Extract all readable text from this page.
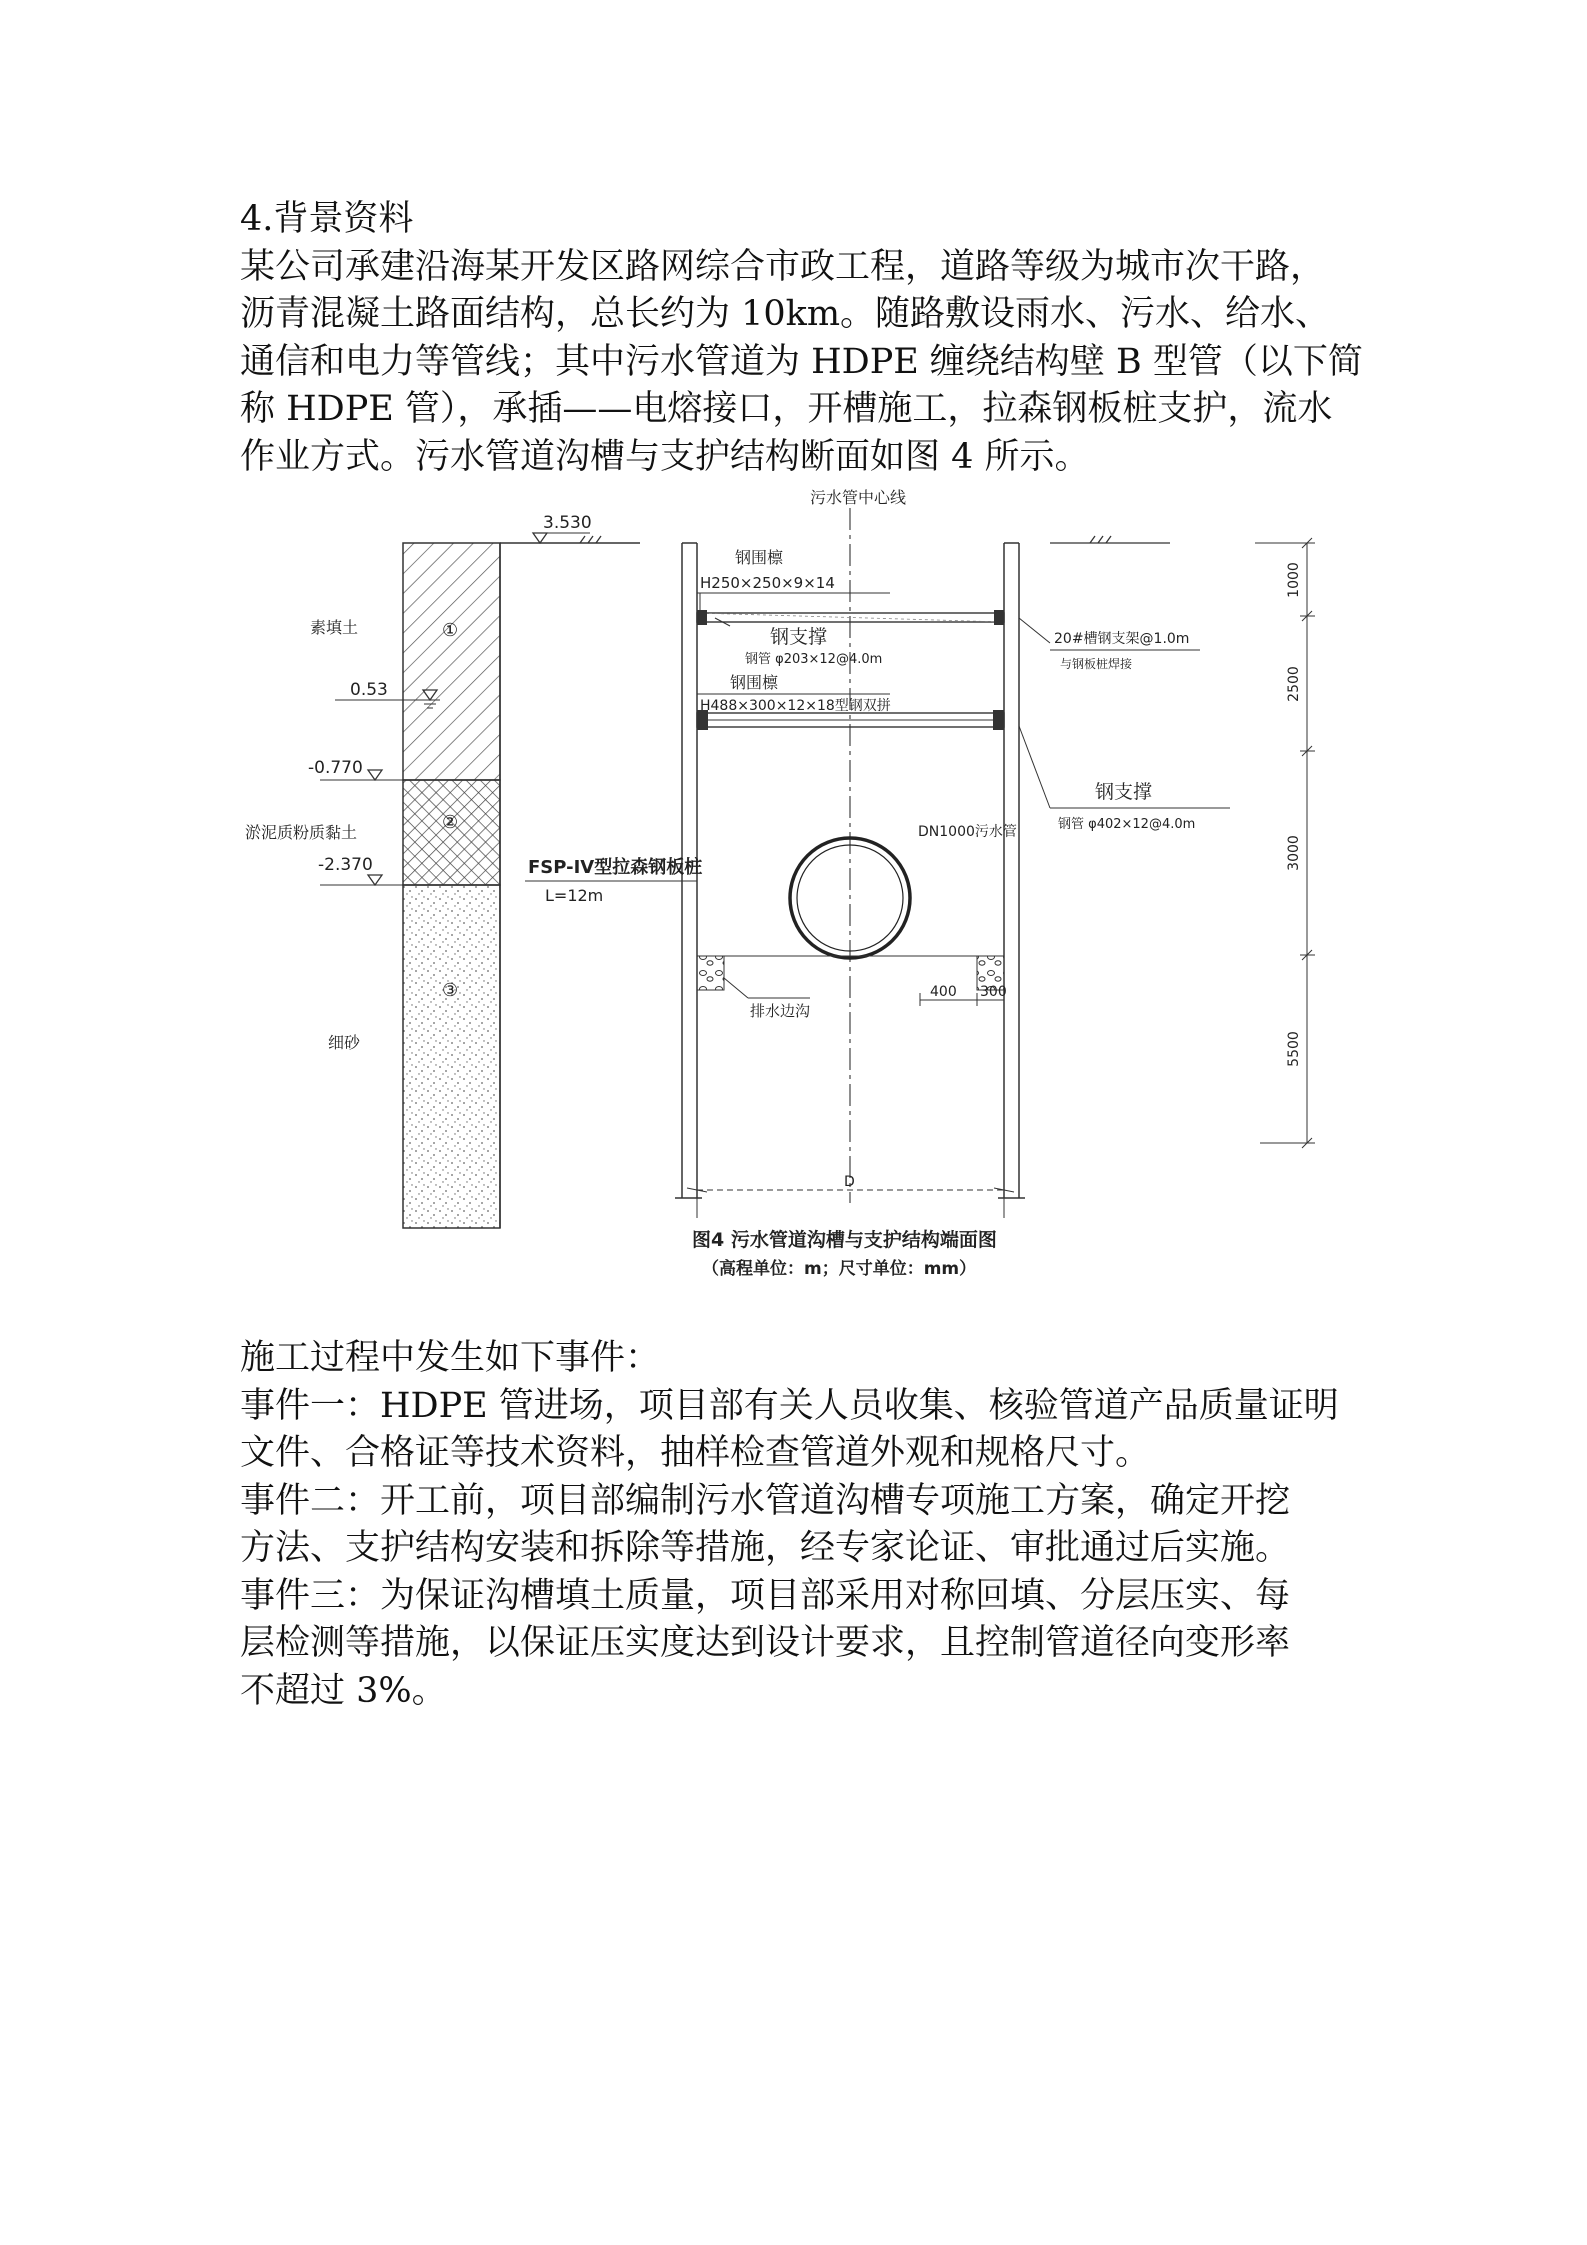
4.背景资料
某公司承建沿海某开发区路网综合市政工程，道路等级为城市次干路，
沥青混凝土路面结构，总长约为 10km。随路敷设雨水、污水、给水、
通信和电力等管线；其中污水管道为 HDPE 缠绕结构壁 B 型管（以下简
称 HDPE 管），承插——电熔接口，开槽施工，拉森钢板桩支护，流水
作业方式。污水管道沟槽与支护结构断面如图 4 所示。
3.530
0.53
-0.770
-2.370
素填土
淤泥质粉质黏土
细砂
①
②
③
污水管中心线
钢围檩
H250×250×9×14
钢支撑
钢管 φ203×12@4.0m
20#槽钢支架@1.0m
与钢板桩焊接
钢围檩
H488×300×12×18型钢双拼
钢支撑
钢管 φ402×12@4.0m
DN1000污水管
FSP-IV型拉森钢板桩
L=12m
排水边沟
400 300
D
1000
2500
3000
5500
图4 污水管道沟槽与支护结构端面图
（高程单位：m；尺寸单位：mm）
施工过程中发生如下事件：
事件一：HDPE 管进场，项目部有关人员收集、核验管道产品质量证明
文件、合格证等技术资料，抽样检查管道外观和规格尺寸。
事件二：开工前，项目部编制污水管道沟槽专项施工方案，确定开挖
方法、支护结构安装和拆除等措施，经专家论证、审批通过后实施。
事件三：为保证沟槽填土质量，项目部采用对称回填、分层压实、每
层检测等措施，以保证压实度达到设计要求，且控制管道径向变形率
不超过 3%。
